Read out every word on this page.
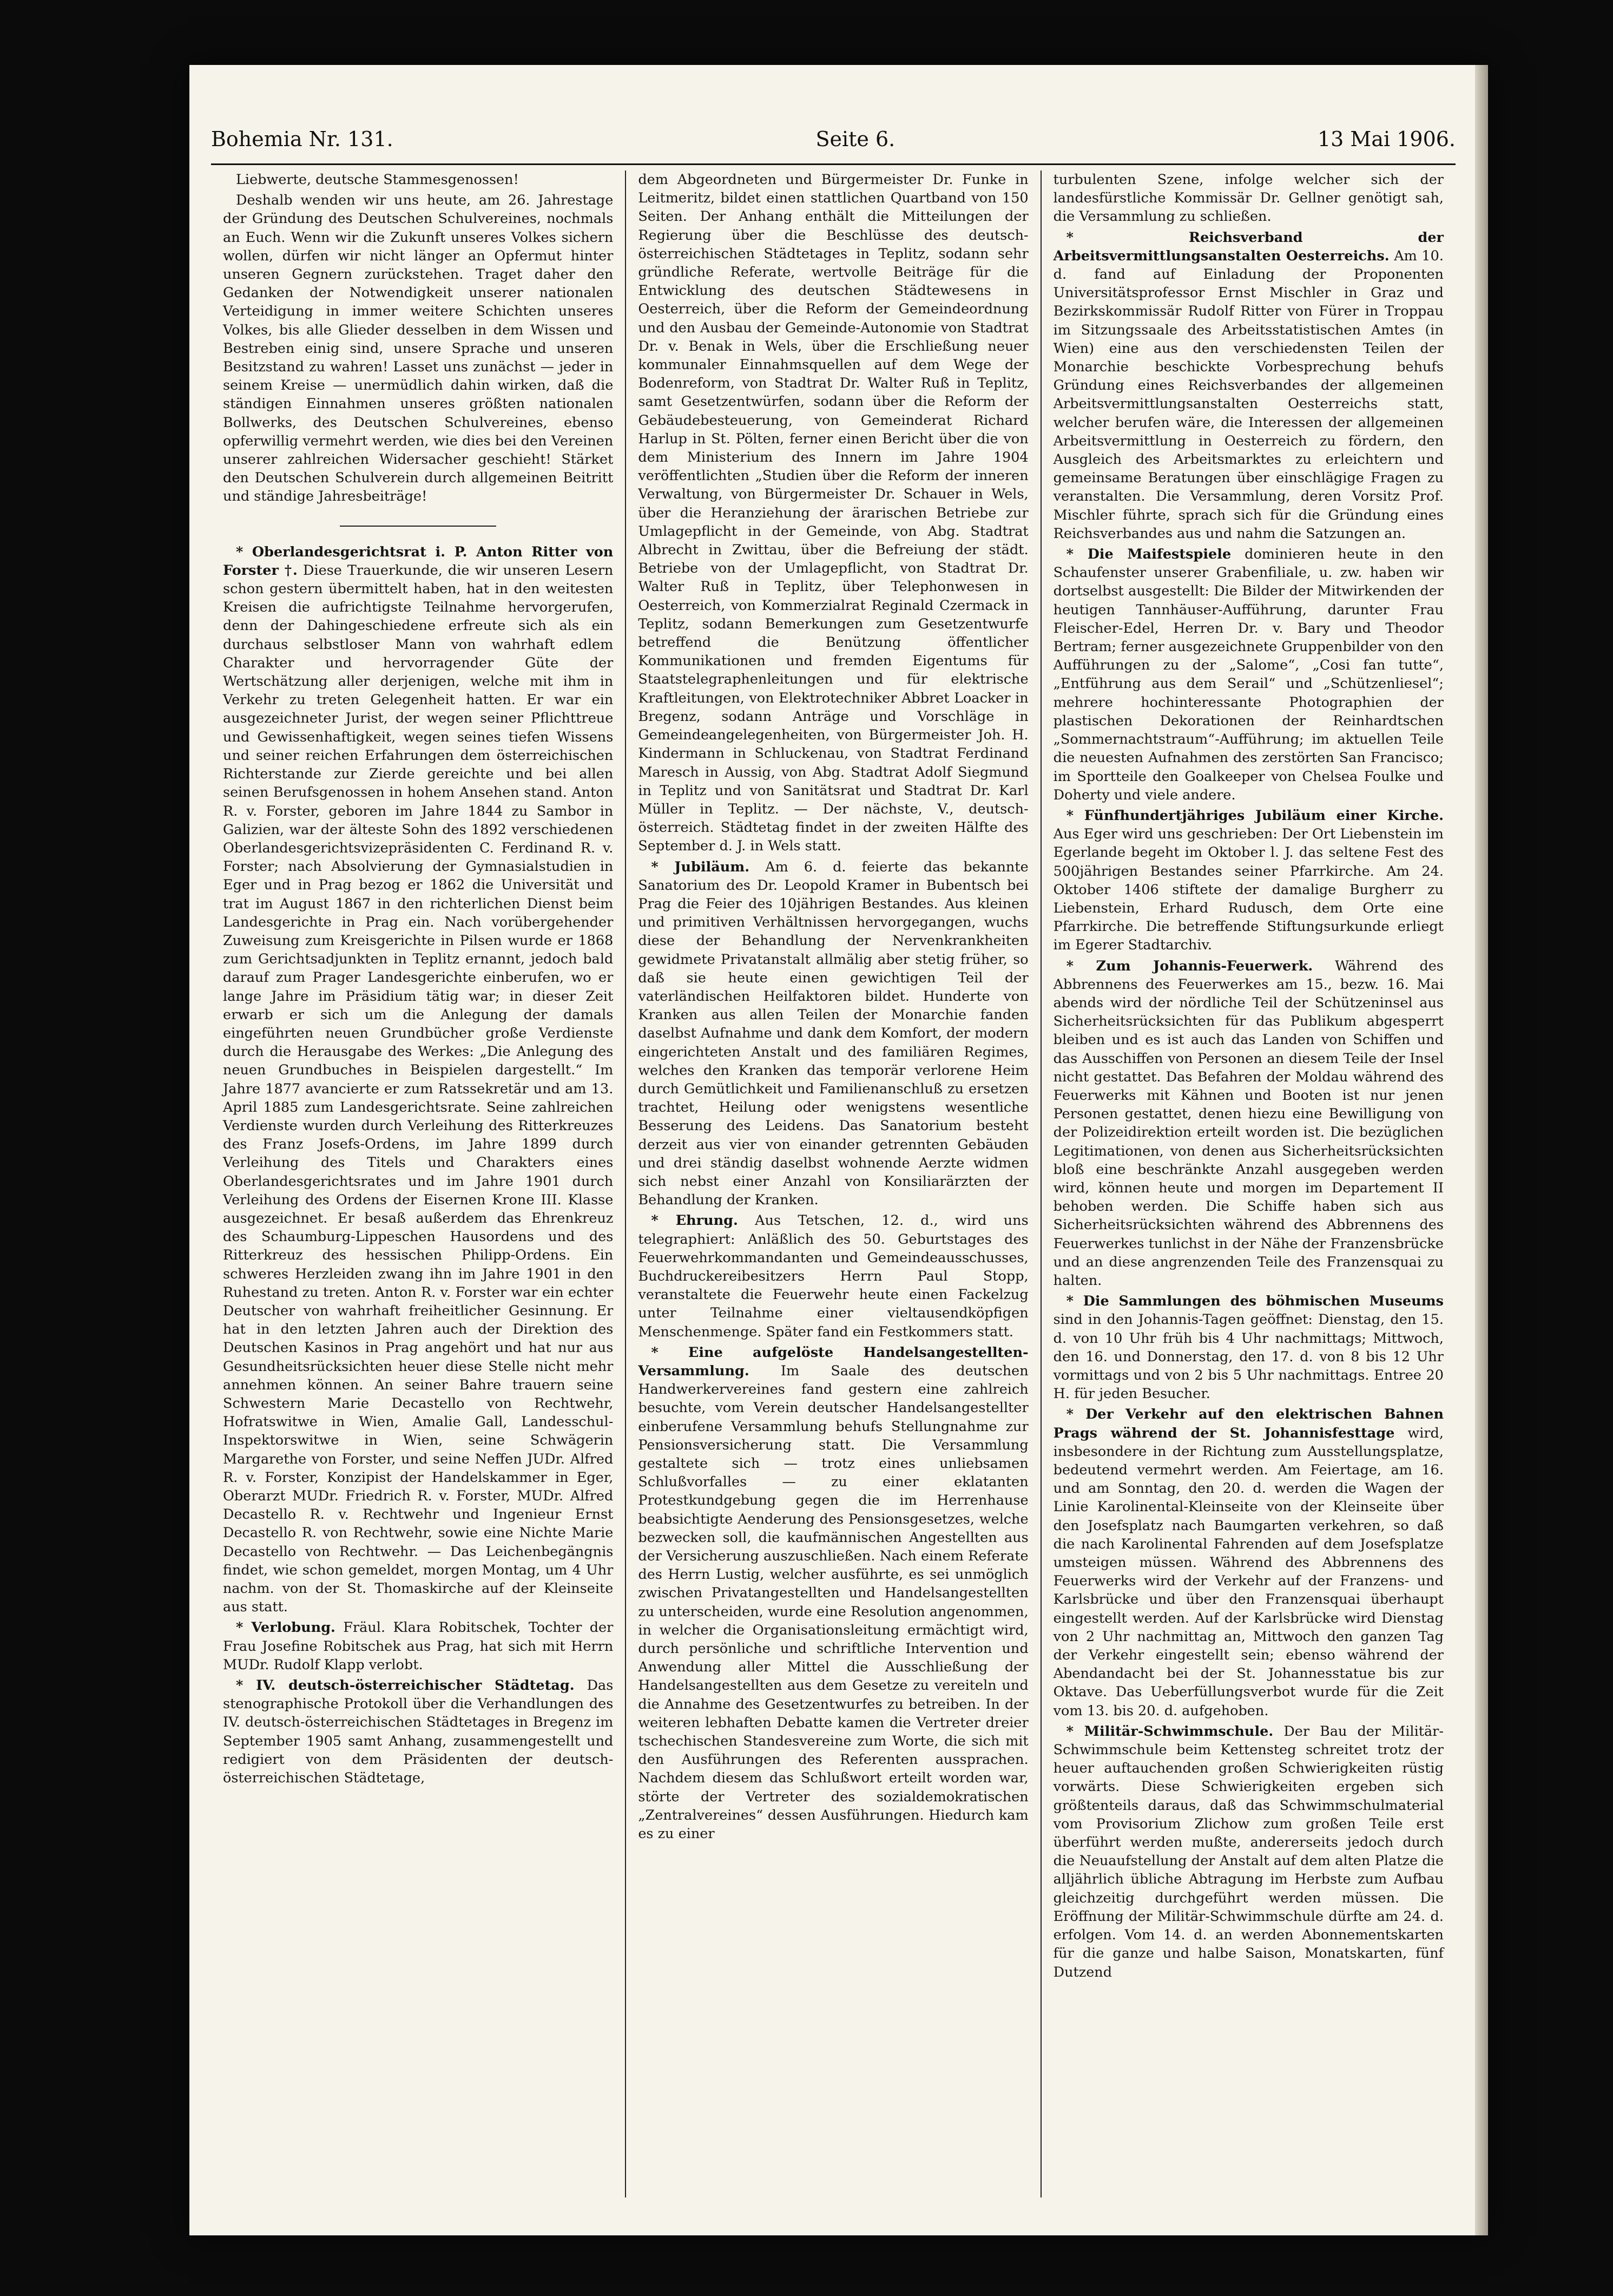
Bohemia Nr. 131.	Seite 6.	13 Mai 1906.

Liebwerte, deutsche Stammesgenossen!

Deshalb wenden wir uns heute, am 26. Jahrestage der Gründung des Deutschen Schulvereines, nochmals an Euch. Wenn wir die Zukunft unseres Volkes sichern wollen, dürfen wir nicht länger an Opfermut hinter unseren Gegnern zurückstehen. Traget daher den Gedanken der Notwendigkeit unserer nationalen Verteidigung in immer weitere Schichten unseres Volkes, bis alle Glieder desselben in dem Wissen und Bestreben einig sind, unsere Sprache und unseren Besitzstand zu wahren! Lasset uns zunächst — jeder in seinem Kreise — unermüdlich dahin wirken, daß die ständigen Einnahmen unseres größten nationalen Bollwerks, des Deutschen Schulvereines, ebenso opferwillig vermehrt werden, wie dies bei den Vereinen unserer zahlreichen Widersacher geschieht! Stärket den Deutschen Schulverein durch allgemeinen Beitritt und ständige Jahresbeiträge!

* Oberlandesgerichtsrat i. P. Anton Ritter von Forster †. Diese Trauerkunde, die wir unseren Lesern schon gestern übermittelt haben, hat in den weitesten Kreisen die aufrichtigste Teilnahme hervorgerufen, denn der Dahingeschiedene erfreute sich als ein durchaus selbstloser Mann von wahrhaft edlem Charakter und hervorragender Güte der Wertschätzung aller derjenigen, welche mit ihm in Verkehr zu treten Gelegenheit hatten. Er war ein ausgezeichneter Jurist, der wegen seiner Pflichttreue und Gewissenhaftigkeit, wegen seines tiefen Wissens und seiner reichen Erfahrungen dem österreichischen Richterstande zur Zierde gereichte und bei allen seinen Berufsgenossen in hohem Ansehen stand. Anton R. v. Forster, geboren im Jahre 1844 zu Sambor in Galizien, war der älteste Sohn des 1892 verschiedenen Oberlandesgerichtsvizepräsidenten C. Ferdinand R. v. Forster; nach Absolvierung der Gymnasialstudien in Eger und in Prag bezog er 1862 die Universität und trat im August 1867 in den richterlichen Dienst beim Landesgerichte in Prag ein. Nach vorübergehender Zuweisung zum Kreisgerichte in Pilsen wurde er 1868 zum Gerichtsadjunkten in Teplitz ernannt, jedoch bald darauf zum Prager Landesgerichte einberufen, wo er lange Jahre im Präsidium tätig war; in dieser Zeit erwarb er sich um die Anlegung der damals eingeführten neuen Grundbücher große Verdienste durch die Herausgabe des Werkes: „Die Anlegung des neuen Grundbuches in Beispielen dargestellt.“ Im Jahre 1877 avancierte er zum Ratssekretär und am 13. April 1885 zum Landesgerichtsrate. Seine zahlreichen Verdienste wurden durch Verleihung des Ritterkreuzes des Franz Josefs-Ordens, im Jahre 1899 durch Verleihung des Titels und Charakters eines Oberlandesgerichtsrates und im Jahre 1901 durch Verleihung des Ordens der Eisernen Krone III. Klasse ausgezeichnet. Er besaß außerdem das Ehrenkreuz des Schaumburg-Lippeschen Hausordens und des Ritterkreuz des hessischen Philipp-Ordens. Ein schweres Herzleiden zwang ihn im Jahre 1901 in den Ruhestand zu treten. Anton R. v. Forster war ein echter Deutscher von wahrhaft freiheitlicher Gesinnung. Er hat in den letzten Jahren auch der Direktion des Deutschen Kasinos in Prag angehört und hat nur aus Gesundheitsrücksichten heuer diese Stelle nicht mehr annehmen können. An seiner Bahre trauern seine Schwestern Marie Decastello von Rechtwehr, Hofratswitwe in Wien, Amalie Gall, Landesschul-Inspektorswitwe in Wien, seine Schwägerin Margarethe von Forster, und seine Neffen JUDr. Alfred R. v. Forster, Konzipist der Handelskammer in Eger, Oberarzt MUDr. Friedrich R. v. Forster, MUDr. Alfred Decastello R. v. Rechtwehr und Ingenieur Ernst Decastello R. von Rechtwehr, sowie eine Nichte Marie Decastello von Rechtwehr. — Das Leichenbegängnis findet, wie schon gemeldet, morgen Montag, um 4 Uhr nachm. von der St. Thomaskirche auf der Kleinseite aus statt.

* Verlobung. Fräul. Klara Robitschek, Tochter der Frau Josefine Robitschek aus Prag, hat sich mit Herrn MUDr. Rudolf Klapp verlobt.

* IV. deutsch-österreichischer Städtetag. Das stenographische Protokoll über die Verhandlungen des IV. deutsch-österreichischen Städtetages in Bregenz im September 1905 samt Anhang, zusammengestellt und redigiert von dem Präsidenten der deutsch-österreichischen Städtetage,

dem Abgeordneten und Bürgermeister Dr. Funke in Leitmeritz, bildet einen stattlichen Quartband von 150 Seiten. Der Anhang enthält die Mitteilungen der Regierung über die Beschlüsse des deutsch-österreichischen Städtetages in Teplitz, sodann sehr gründliche Referate, wertvolle Beiträge für die Entwicklung des deutschen Städtewesens in Oesterreich, über die Reform der Gemeindeordnung und den Ausbau der Gemeinde-Autonomie von Stadtrat Dr. v. Benak in Wels, über die Erschließung neuer kommunaler Einnahmsquellen auf dem Wege der Bodenreform, von Stadtrat Dr. Walter Ruß in Teplitz, samt Gesetzentwürfen, sodann über die Reform der Gebäudebesteuerung, von Gemeinderat Richard Harlup in St. Pölten, ferner einen Bericht über die von dem Ministerium des Innern im Jahre 1904 veröffentlichten „Studien über die Reform der inneren Verwaltung, von Bürgermeister Dr. Schauer in Wels, über die Heranziehung der ärarischen Betriebe zur Umlagepflicht in der Gemeinde, von Abg. Stadtrat Albrecht in Zwittau, über die Befreiung der städt. Betriebe von der Umlagepflicht, von Stadtrat Dr. Walter Ruß in Teplitz, über Telephonwesen in Oesterreich, von Kommerzialrat Reginald Czermack in Teplitz, sodann Bemerkungen zum Gesetzentwurfe betreffend die Benützung öffentlicher Kommunikationen und fremden Eigentums für Staatstelegraphenleitungen und für elektrische Kraftleitungen, von Elektrotechniker Abbret Loacker in Bregenz, sodann Anträge und Vorschläge in Gemeindeangelegenheiten, von Bürgermeister Joh. H. Kindermann in Schluckenau, von Stadtrat Ferdinand Maresch in Aussig, von Abg. Stadtrat Adolf Siegmund in Teplitz und von Sanitätsrat und Stadtrat Dr. Karl Müller in Teplitz. — Der nächste, V., deutsch-österreich. Städtetag findet in der zweiten Hälfte des September d. J. in Wels statt.

* Jubiläum. Am 6. d. feierte das bekannte Sanatorium des Dr. Leopold Kramer in Bubentsch bei Prag die Feier des 10jährigen Bestandes. Aus kleinen und primitiven Verhältnissen hervorgegangen, wuchs diese der Behandlung der Nervenkrankheiten gewidmete Privatanstalt allmälig aber stetig früher, so daß sie heute einen gewichtigen Teil der vaterländischen Heilfaktoren bildet. Hunderte von Kranken aus allen Teilen der Monarchie fanden daselbst Aufnahme und dank dem Komfort, der modern eingerichteten Anstalt und des familiären Regimes, welches den Kranken das temporär verlorene Heim durch Gemütlichkeit und Familienanschluß zu ersetzen trachtet, Heilung oder wenigstens wesentliche Besserung des Leidens. Das Sanatorium besteht derzeit aus vier von einander getrennten Gebäuden und drei ständig daselbst wohnende Aerzte widmen sich nebst einer Anzahl von Konsiliarärzten der Behandlung der Kranken.

* Ehrung. Aus Tetschen, 12. d., wird uns telegraphiert: Anläßlich des 50. Geburtstages des Feuerwehrkommandanten und Gemeindeausschusses, Buchdruckereibesitzers Herrn Paul Stopp, veranstaltete die Feuerwehr heute einen Fackelzug unter Teilnahme einer vieltausendköpfigen Menschenmenge. Später fand ein Festkommers statt.

* Eine aufgelöste Handelsangestellten-Versammlung. Im Saale des deutschen Handwerkervereines fand gestern eine zahlreich besuchte, vom Verein deutscher Handelsangestellter einberufene Versammlung behufs Stellungnahme zur Pensionsversicherung statt. Die Versammlung gestaltete sich — trotz eines unliebsamen Schlußvorfalles — zu einer eklatanten Protestkundgebung gegen die im Herrenhause beabsichtigte Aenderung des Pensionsgesetzes, welche bezwecken soll, die kaufmännischen Angestellten aus der Versicherung auszuschließen. Nach einem Referate des Herrn Lustig, welcher ausführte, es sei unmöglich zwischen Privatangestellten und Handelsangestellten zu unterscheiden, wurde eine Resolution angenommen, in welcher die Organisationsleitung ermächtigt wird, durch persönliche und schriftliche Intervention und Anwendung aller Mittel die Ausschließung der Handelsangestellten aus dem Gesetze zu vereiteln und die Annahme des Gesetzentwurfes zu betreiben. In der weiteren lebhaften Debatte kamen die Vertreter dreier tschechischen Standesvereine zum Worte, die sich mit den Ausführungen des Referenten aussprachen. Nachdem diesem das Schlußwort erteilt worden war, störte der Vertreter des sozialdemokratischen „Zentralvereines“ dessen Ausführungen. Hiedurch kam es zu einer

turbulenten Szene, infolge welcher sich der landesfürstliche Kommissär Dr. Gellner genötigt sah, die Versammlung zu schließen.

* Reichsverband der Arbeitsvermittlungsanstalten Oesterreichs. Am 10. d. fand auf Einladung der Proponenten Universitätsprofessor Ernst Mischler in Graz und Bezirkskommissär Rudolf Ritter von Fürer in Troppau im Sitzungssaale des Arbeitsstatistischen Amtes (in Wien) eine aus den verschiedensten Teilen der Monarchie beschickte Vorbesprechung behufs Gründung eines Reichsverbandes der allgemeinen Arbeitsvermittlungsanstalten Oesterreichs statt, welcher berufen wäre, die Interessen der allgemeinen Arbeitsvermittlung in Oesterreich zu fördern, den Ausgleich des Arbeitsmarktes zu erleichtern und gemeinsame Beratungen über einschlägige Fragen zu veranstalten. Die Versammlung, deren Vorsitz Prof. Mischler führte, sprach sich für die Gründung eines Reichsverbandes aus und nahm die Satzungen an.

* Die Maifestspiele dominieren heute in den Schaufenster unserer Grabenfiliale, u. zw. haben wir dortselbst ausgestellt: Die Bilder der Mitwirkenden der heutigen Tannhäuser-Aufführung, darunter Frau Fleischer-Edel, Herren Dr. v. Bary und Theodor Bertram; ferner ausgezeichnete Gruppenbilder von den Aufführungen zu der „Salome“, „Cosi fan tutte“, „Entführung aus dem Serail“ und „Schützenliesel“; mehrere hochinteressante Photographien der plastischen Dekorationen der Reinhardtschen „Sommernachtstraum“-Aufführung; im aktuellen Teile die neuesten Aufnahmen des zerstörten San Francisco; im Sportteile den Goalkeeper von Chelsea Foulke und Doherty und viele andere.

* Fünfhundertjähriges Jubiläum einer Kirche. Aus Eger wird uns geschrieben: Der Ort Liebenstein im Egerlande begeht im Oktober l. J. das seltene Fest des 500jährigen Bestandes seiner Pfarrkirche. Am 24. Oktober 1406 stiftete der damalige Burgherr zu Liebenstein, Erhard Rudusch, dem Orte eine Pfarrkirche. Die betreffende Stiftungsurkunde erliegt im Egerer Stadtarchiv.

* Zum Johannis-Feuerwerk. Während des Abbrennens des Feuerwerkes am 15., bezw. 16. Mai abends wird der nördliche Teil der Schützeninsel aus Sicherheitsrücksichten für das Publikum abgesperrt bleiben und es ist auch das Landen von Schiffen und das Ausschiffen von Personen an diesem Teile der Insel nicht gestattet. Das Befahren der Moldau während des Feuerwerks mit Kähnen und Booten ist nur jenen Personen gestattet, denen hiezu eine Bewilligung von der Polizeidirektion erteilt worden ist. Die bezüglichen Legitimationen, von denen aus Sicherheitsrücksichten bloß eine beschränkte Anzahl ausgegeben werden wird, können heute und morgen im Departement II behoben werden. Die Schiffe haben sich aus Sicherheitsrücksichten während des Abbrennens des Feuerwerkes tunlichst in der Nähe der Franzensbrücke und an diese angrenzenden Teile des Franzensquai zu halten.

* Die Sammlungen des böhmischen Museums sind in den Johannis-Tagen geöffnet: Dienstag, den 15. d. von 10 Uhr früh bis 4 Uhr nachmittags; Mittwoch, den 16. und Donnerstag, den 17. d. von 8 bis 12 Uhr vormittags und von 2 bis 5 Uhr nachmittags. Entree 20 H. für jeden Besucher.

* Der Verkehr auf den elektrischen Bahnen Prags während der St. Johannisfesttage wird, insbesondere in der Richtung zum Ausstellungsplatze, bedeutend vermehrt werden. Am Feiertage, am 16. und am Sonntag, den 20. d. werden die Wagen der Linie Karolinental-Kleinseite von der Kleinseite über den Josefsplatz nach Baumgarten verkehren, so daß die nach Karolinental Fahrenden auf dem Josefsplatze umsteigen müssen. Während des Abbrennens des Feuerwerks wird der Verkehr auf der Franzens- und Karlsbrücke und über den Franzensquai überhaupt eingestellt werden. Auf der Karlsbrücke wird Dienstag von 2 Uhr nachmittag an, Mittwoch den ganzen Tag der Verkehr eingestellt sein; ebenso während der Abendandacht bei der St. Johannesstatue bis zur Oktave. Das Ueberfüllungsverbot wurde für die Zeit vom 13. bis 20. d. aufgehoben.

* Militär-Schwimmschule. Der Bau der Militär-Schwimmschule beim Kettensteg schreitet trotz der heuer auftauchenden großen Schwierigkeiten rüstig vorwärts. Diese Schwierigkeiten ergeben sich größtenteils daraus, daß das Schwimmschulmaterial vom Provisorium Zlichow zum großen Teile erst überführt werden mußte, andererseits jedoch durch die Neuaufstellung der Anstalt auf dem alten Platze die alljährlich übliche Abtragung im Herbste zum Aufbau gleichzeitig durchgeführt werden müssen. Die Eröffnung der Militär-Schwimmschule dürfte am 24. d. erfolgen. Vom 14. d. an werden Abonnementskarten für die ganze und halbe Saison, Monatskarten, fünf Dutzend
